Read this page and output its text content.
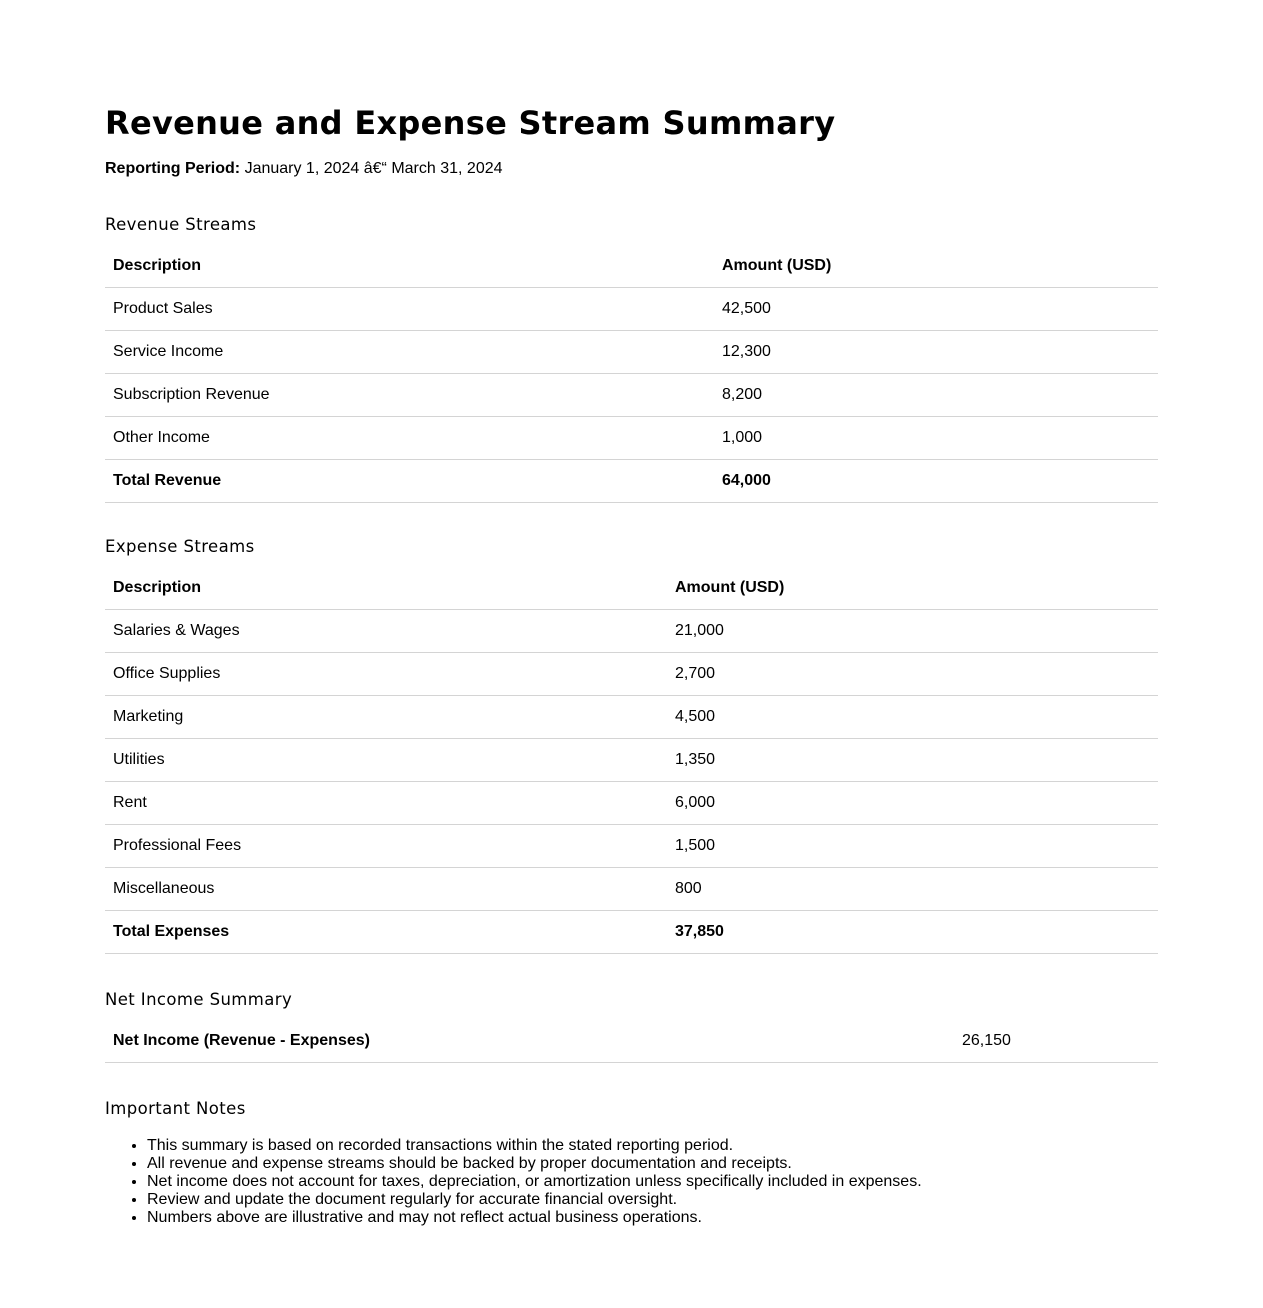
Revenue and Expense Stream Summary
Reporting Period: January 1, 2024 â€“ March 31, 2024
Revenue Streams
Description	Amount (USD)
Product Sales	42,500
Service Income	12,300
Subscription Revenue	8,200
Other Income	1,000
Total Revenue	64,000
Expense Streams
Description	Amount (USD)
Salaries & Wages	21,000
Office Supplies	2,700
Marketing	4,500
Utilities	1,350
Rent	6,000
Professional Fees	1,500
Miscellaneous	800
Total Expenses	37,850
Net Income Summary
Net Income (Revenue - Expenses)	26,150
Important Notes
• This summary is based on recorded transactions within the stated reporting period.
• All revenue and expense streams should be backed by proper documentation and receipts.
• Net income does not account for taxes, depreciation, or amortization unless specifically included in expenses.
• Review and update the document regularly for accurate financial oversight.
• Numbers above are illustrative and may not reflect actual business operations.
